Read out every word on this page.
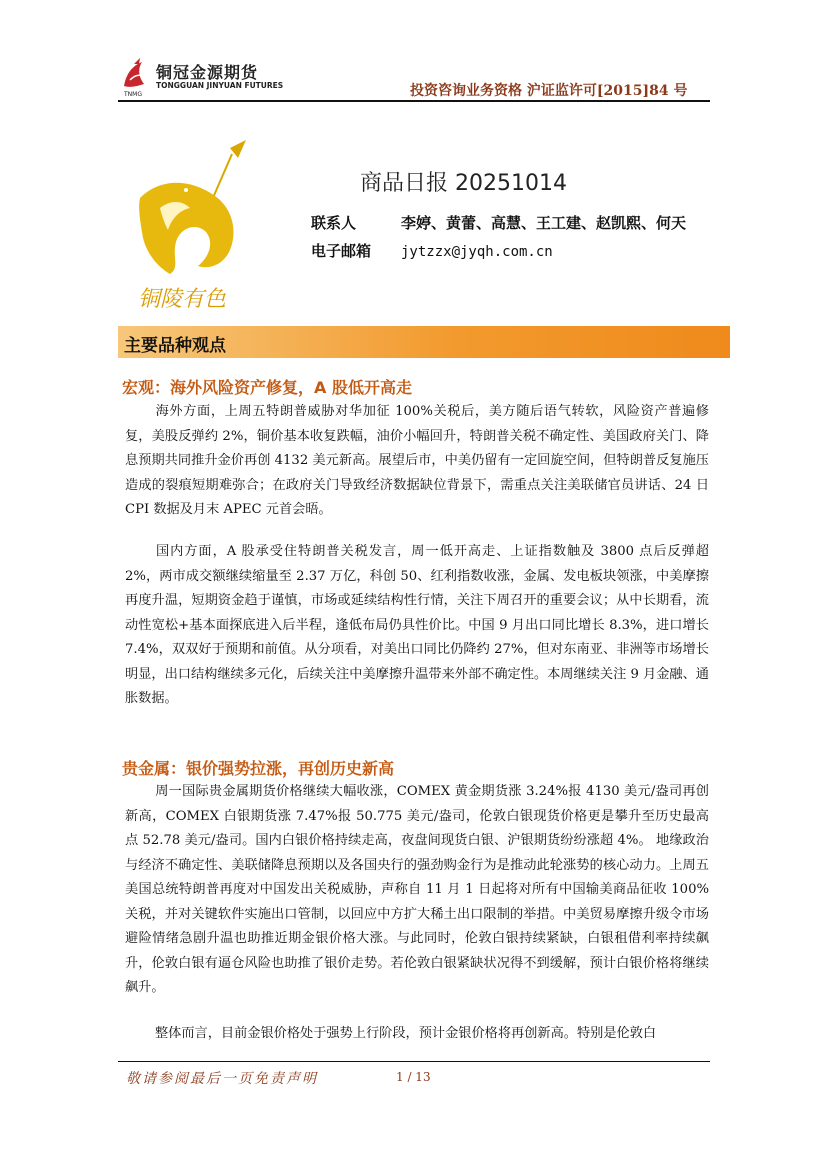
TNMG
铜冠金源期货
TONGGUAN JINYUAN FUTURES	投资咨询业务资格 沪证监许可[2015]84 号
铜陵有色
商品日报 20251014
联系人	李婷、黄蕾、高慧、王工建、赵凯熙、何天
电子邮箱 jytzzx@jyqh.com.cn
主要品种观点
宏观：海外风险资产修复，A 股低开高走
海外方面，上周五特朗普威胁对华加征 100%关税后，美方随后语气转软，风险资产普遍修复，美股反弹约 2%，铜价基本收复跌幅，油价小幅回升，特朗普关税不确定性、美国政府关门、降息预期共同推升金价再创 4132 美元新高。展望后市，中美仍留有一定回旋空间，但特朗普反复施压造成的裂痕短期难弥合；在政府关门导致经济数据缺位背景下，需重点关注美联储官员讲话、24 日 CPI 数据及月末 APEC 元首会晤。
国内方面，A 股承受住特朗普关税发言，周一低开高走、上证指数触及 3800 点后反弹超 2%，两市成交额继续缩量至 2.37 万亿，科创 50、红利指数收涨，金属、发电板块领涨，中美摩擦再度升温，短期资金趋于谨慎，市场或延续结构性行情，关注下周召开的重要会议；从中长期看，流动性宽松+基本面探底进入后半程，逢低布局仍具性价比。中国 9 月出口同比增长 8.3%，进口增长 7.4%，双双好于预期和前值。从分项看，对美出口同比仍降约 27%，但对东南亚、非洲等市场增长明显，出口结构继续多元化，后续关注中美摩擦升温带来外部不确定性。本周继续关注 9 月金融、通胀数据。
贵金属：银价强势拉涨，再创历史新高
周一国际贵金属期货价格继续大幅收涨，COMEX 黄金期货涨 3.24%报 4130 美元/盎司再创新高，COMEX 白银期货涨 7.47%报 50.775 美元/盎司，伦敦白银现货价格更是攀升至历史最高点 52.78 美元/盎司。国内白银价格持续走高，夜盘间现货白银、沪银期货纷纷涨超 4%。 地缘政治与经济不确定性、美联储降息预期以及各国央行的强劲购金行为是推动此轮涨势的核心动力。上周五美国总统特朗普再度对中国发出关税威胁，声称自 11 月 1 日起将对所有中国输美商品征收 100%关税，并对关键软件实施出口管制，以回应中方扩大稀土出口限制的举措。中美贸易摩擦升级令市场避险情绪急剧升温也助推近期金银价格大涨。与此同时，伦敦白银持续紧缺，白银租借利率持续飙升，伦敦白银有逼仓风险也助推了银价走势。若伦敦白银紧缺状况得不到缓解，预计白银价格将继续飙升。
整体而言，目前金银价格处于强势上行阶段，预计金银价格将再创新高。特别是伦敦白
敬请参阅最后一页免责声明	1 / 13
